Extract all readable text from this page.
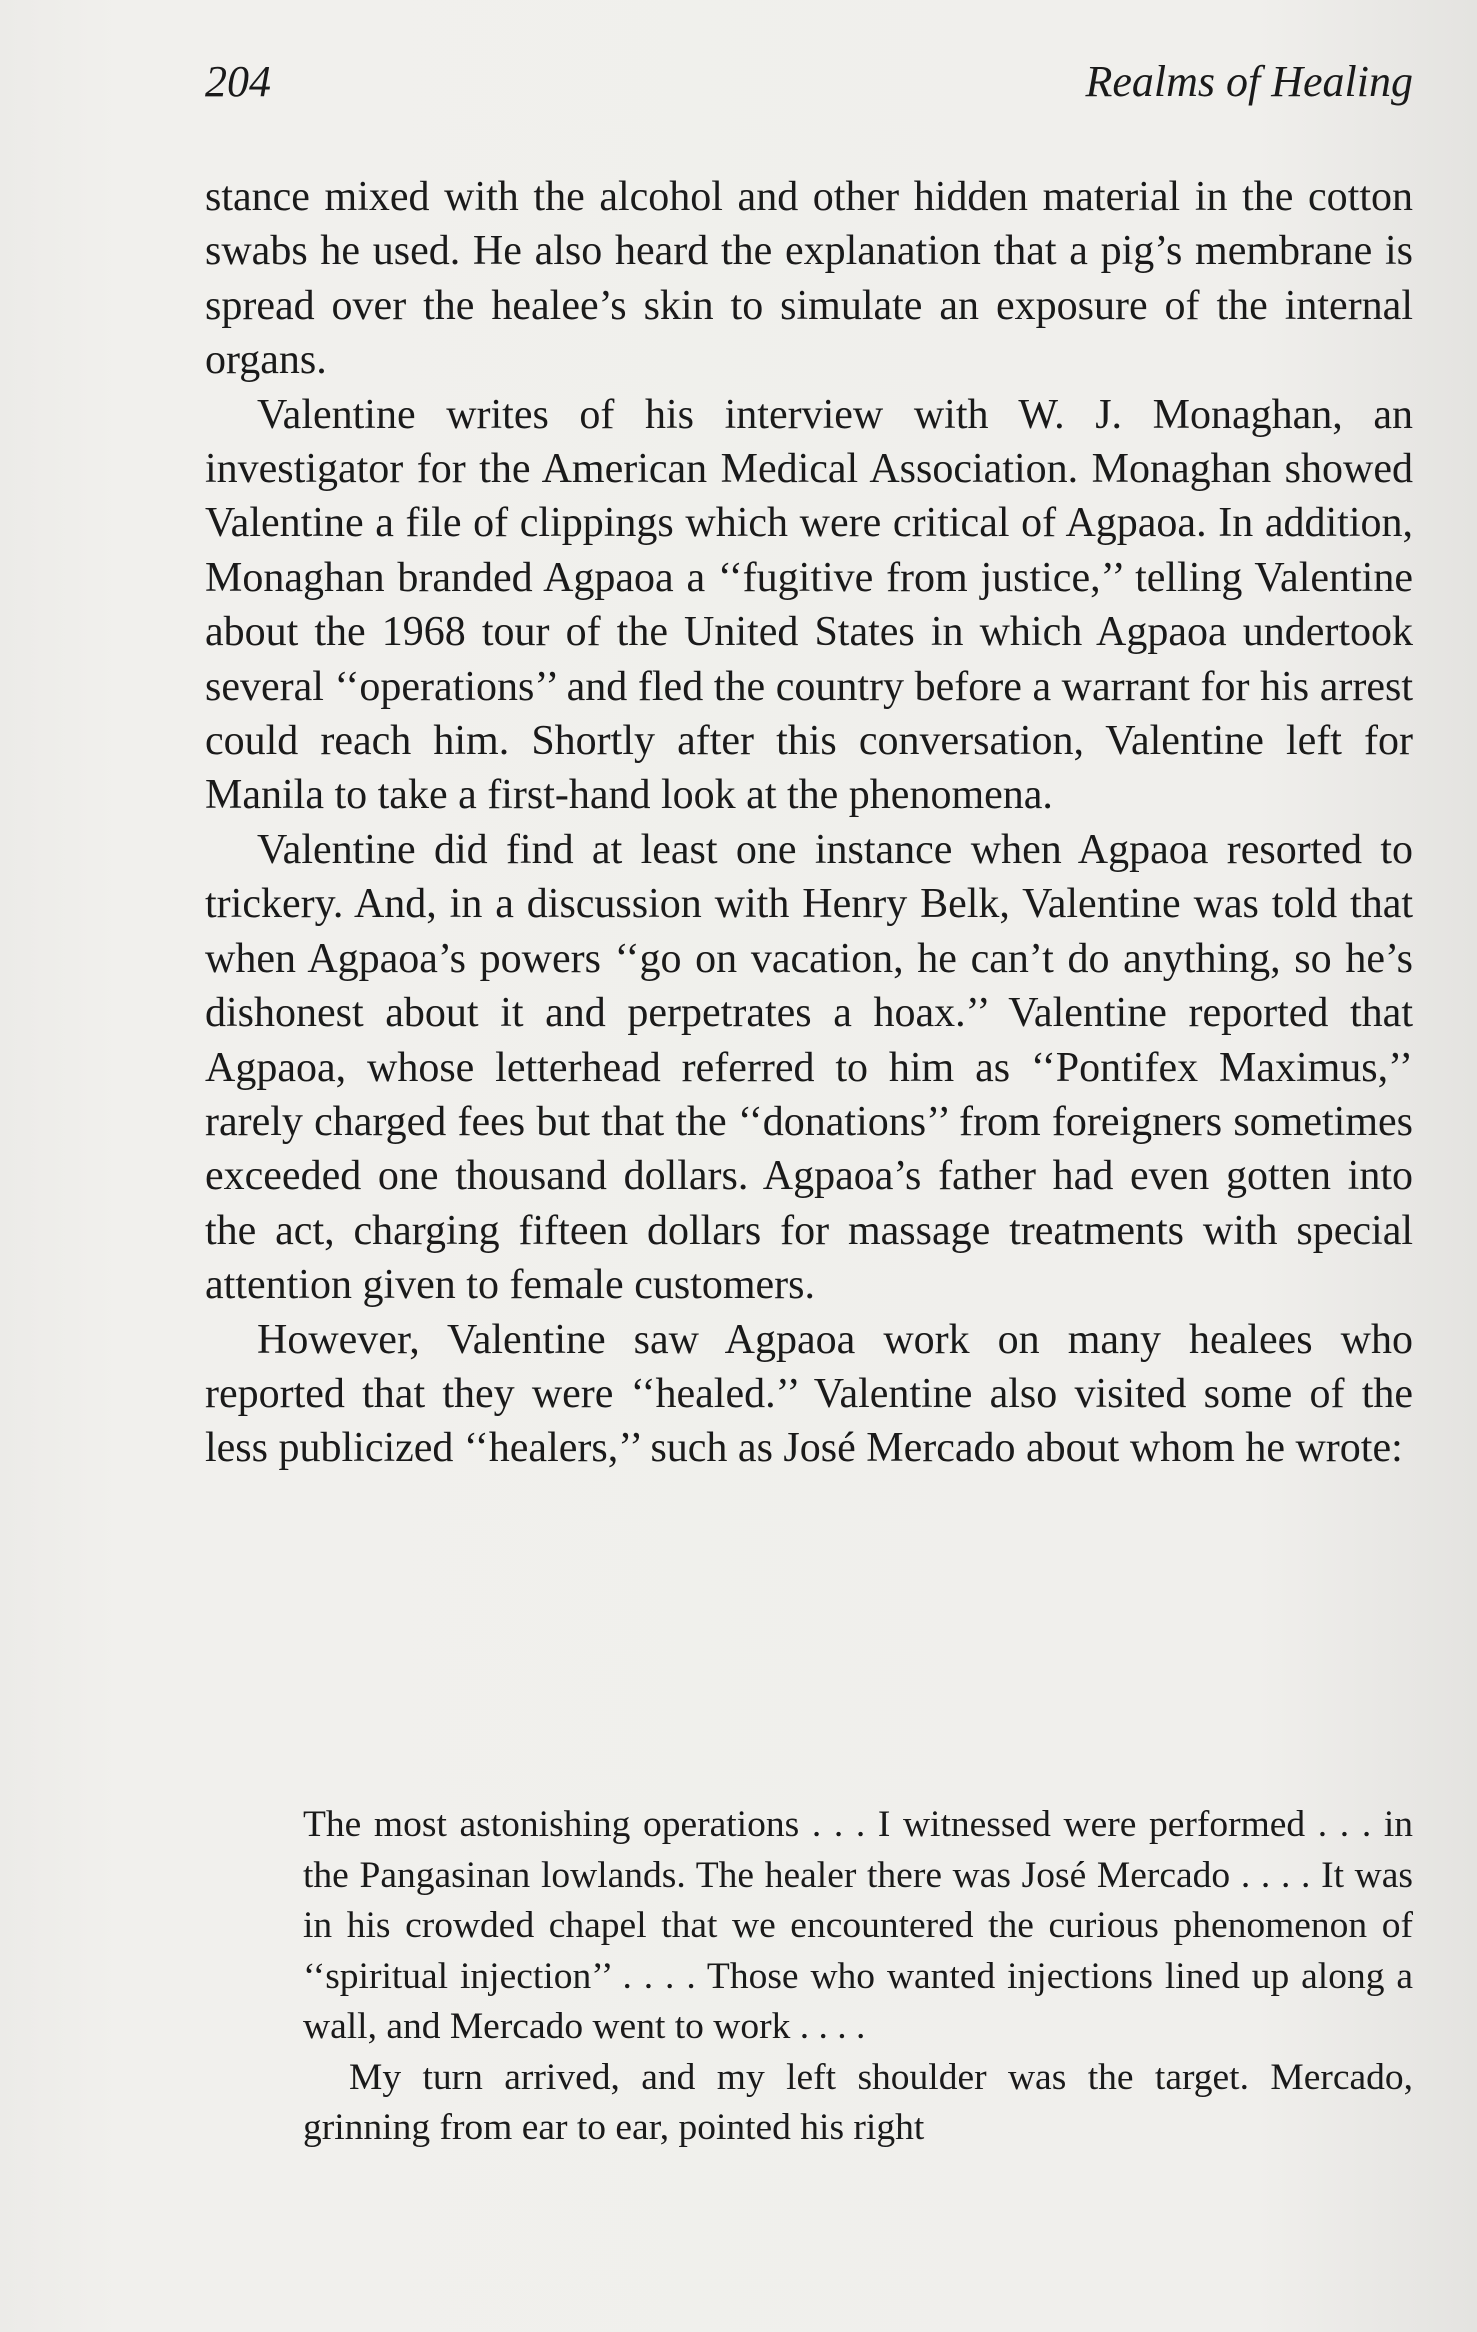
204	Realms of Healing

stance mixed with the alcohol and other hidden material in the cotton swabs he used. He also heard the explanation that a pig’s membrane is spread over the healee’s skin to simulate an exposure of the internal organs.

Valentine writes of his interview with W. J. Monaghan, an investigator for the American Medical Association. Monaghan showed Valentine a file of clippings which were critical of Agpaoa. In addition, Monaghan branded Agpaoa a ‘‘fugitive from justice,’’ telling Valentine about the 1968 tour of the United States in which Agpaoa undertook several ‘‘operations’’ and fled the country before a warrant for his arrest could reach him. Shortly after this conversation, Valentine left for Manila to take a first-hand look at the phenomena.

Valentine did find at least one instance when Agpaoa resorted to trickery. And, in a discussion with Henry Belk, Valentine was told that when Agpaoa’s powers ‘‘go on vacation, he can’t do anything, so he’s dishonest about it and perpetrates a hoax.’’ Valentine reported that Agpaoa, whose letterhead referred to him as ‘‘Pontifex Maximus,’’ rarely charged fees but that the ‘‘donations’’ from foreigners sometimes exceeded one thousand dollars. Agpaoa’s father had even gotten into the act, charging fifteen dollars for massage treatments with special attention given to female customers.

However, Valentine saw Agpaoa work on many healees who reported that they were ‘‘healed.’’ Valentine also visited some of the less publicized ‘‘healers,’’ such as José Mercado about whom he wrote:

The most astonishing operations . . . I witnessed were performed . . . in the Pangasinan lowlands. The healer there was José Mercado . . . . It was in his crowded chapel that we encountered the curious phenomenon of ‘‘spiritual injection’’ . . . . Those who wanted injections lined up along a wall, and Mercado went to work . . . .

My turn arrived, and my left shoulder was the target. Mercado, grinning from ear to ear, pointed his right
